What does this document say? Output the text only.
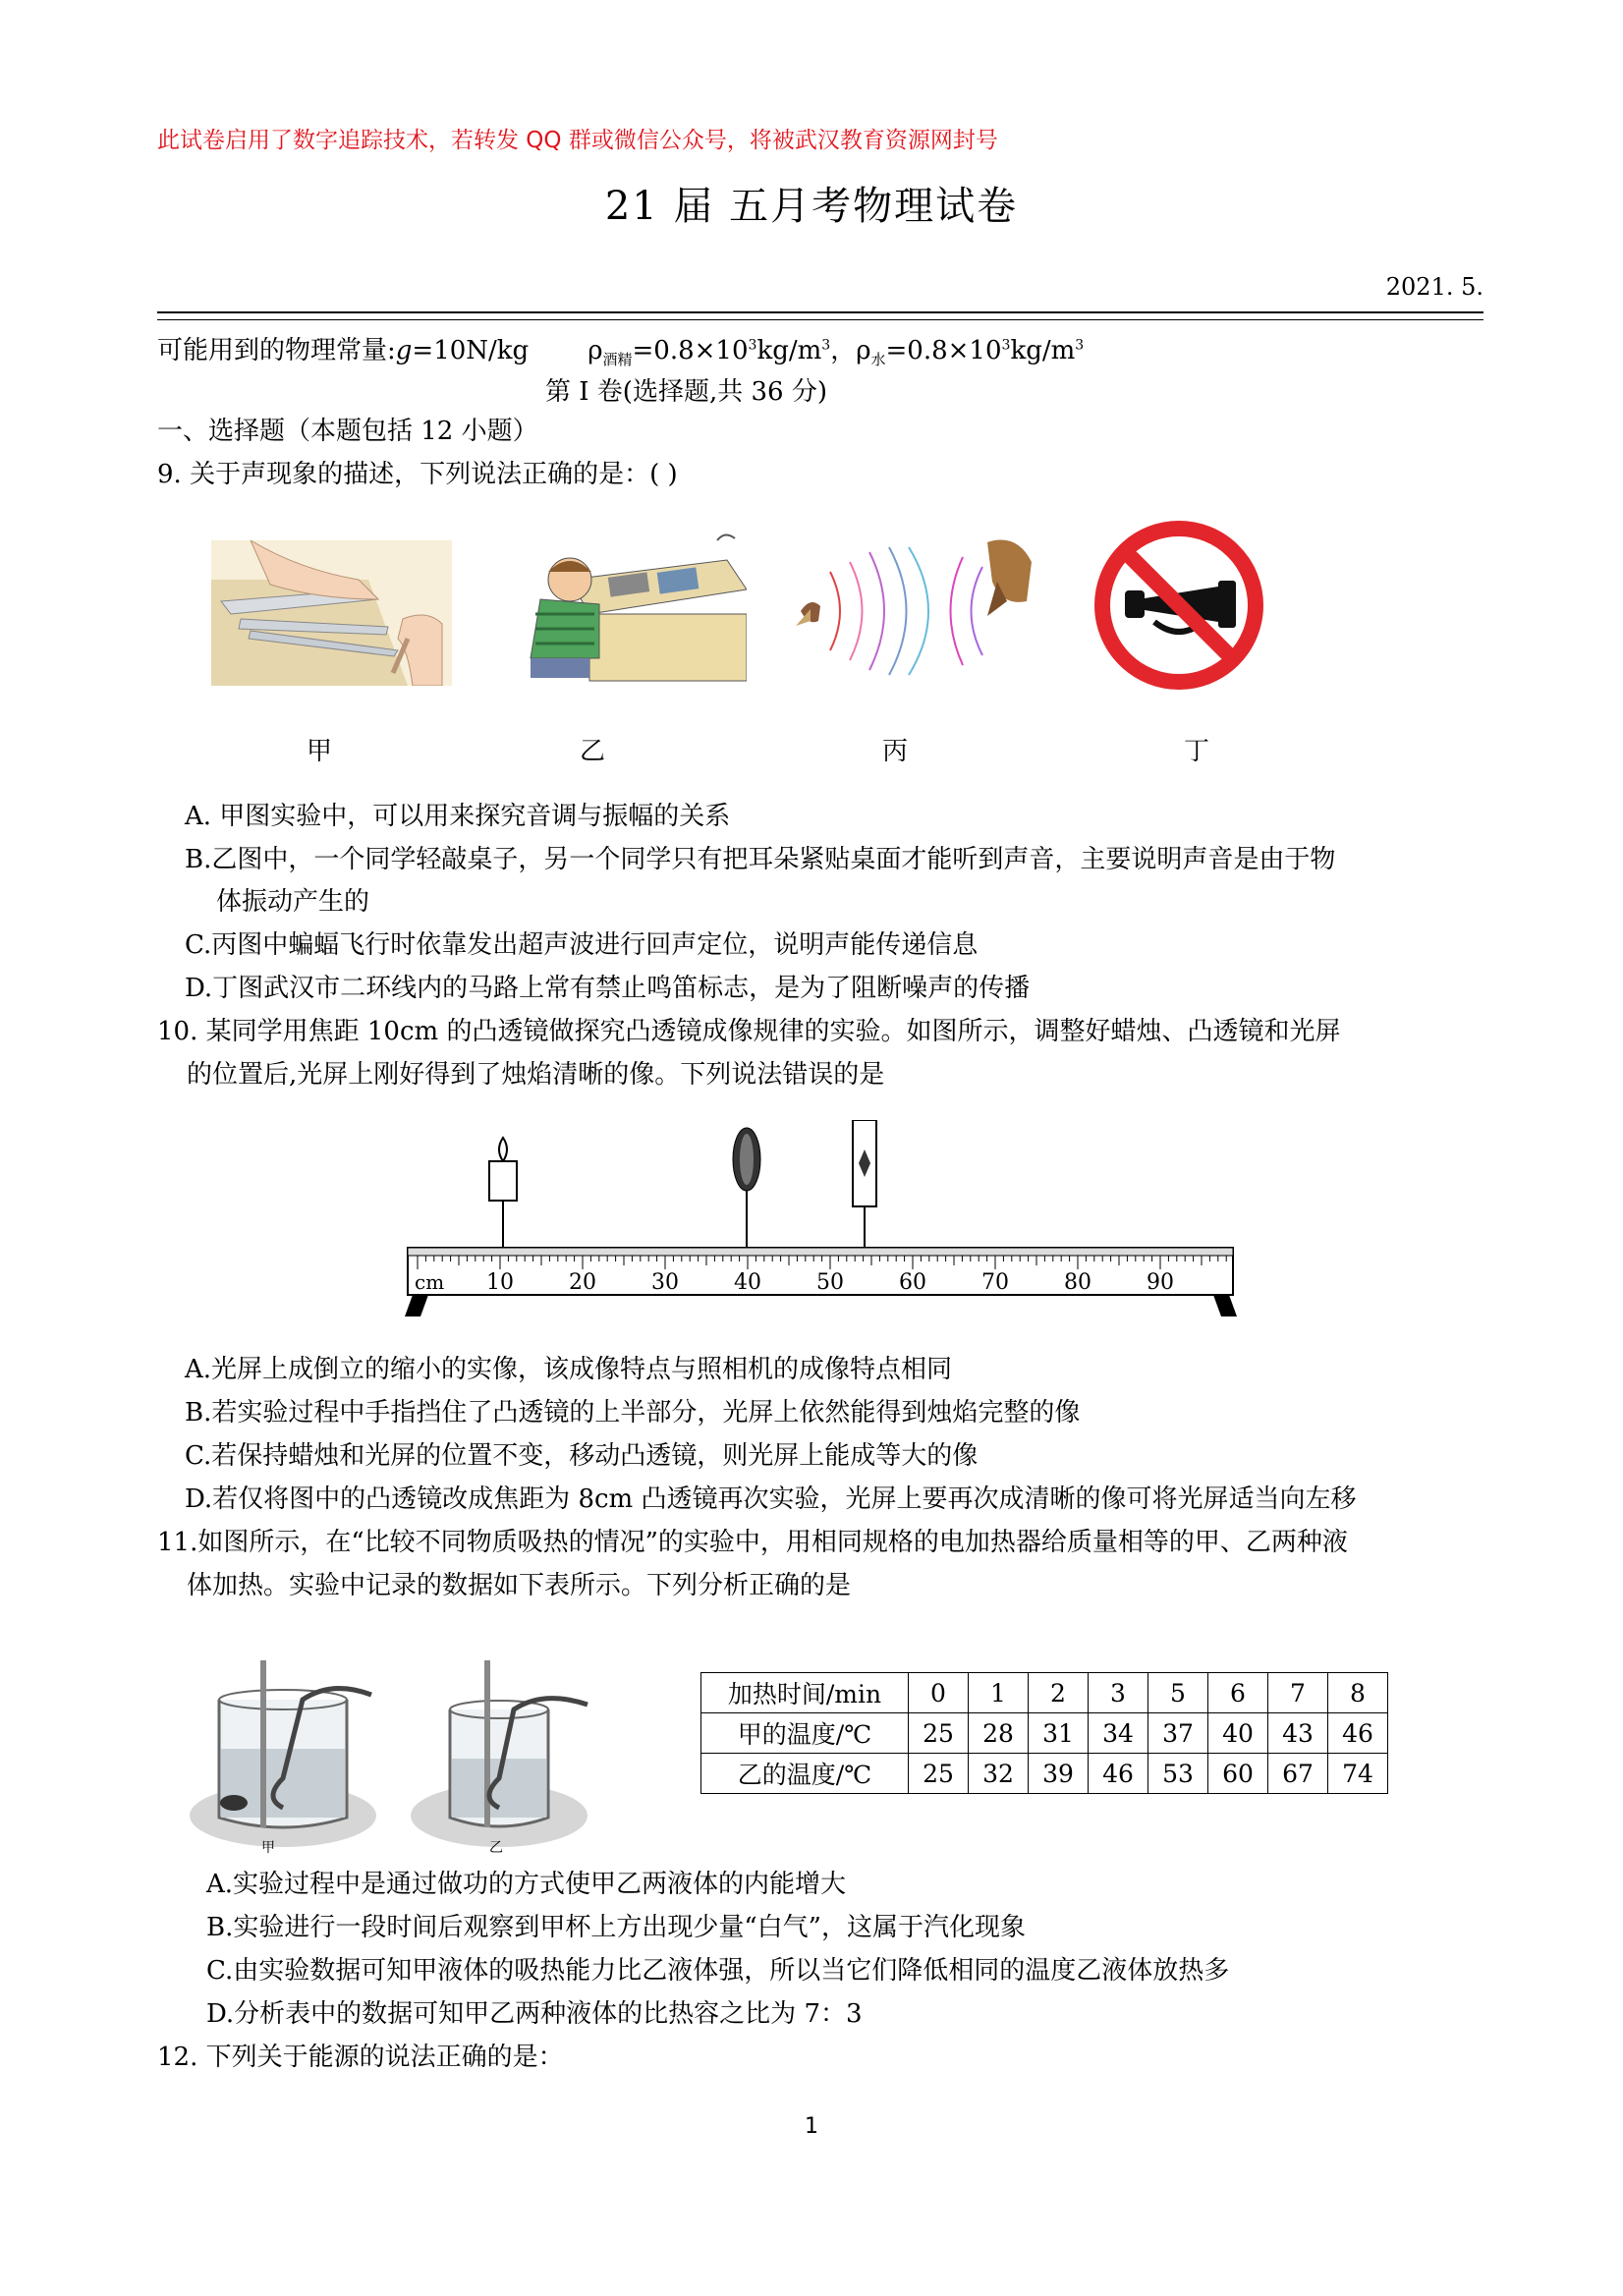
此试卷启用了数字追踪技术，若转发 QQ 群或微信公众号，将被武汉教育资源网封号
21 届 五月考物理试卷
2021. 5.
可能用到的物理常量:g=10N/kg $\rho_{酒精}=0.8\times 10^3kg/m^3$，$\rho_水=0.8\times 10^3kg/m^3$
第 I 卷(选择题,共 36 分)
一、选择题（本题包括 12 小题）
9. 关于声现象的描述，下列说法正确的是：( )
甲	乙	丙	丁
A. 甲图实验中，可以用来探究音调与振幅的关系
B.乙图中，一个同学轻敲桌子，另一个同学只有把耳朵紧贴桌面才能听到声音，主要说明声音是由于物
体振动产生的
C.丙图中蝙蝠飞行时依靠发出超声波进行回声定位，说明声能传递信息
D.丁图武汉市二环线内的马路上常有禁止鸣笛标志，是为了阻断噪声的传播
10. 某同学用焦距 10cm 的凸透镜做探究凸透镜成像规律的实验。如图所示，调整好蜡烛、凸透镜和光屏
的位置后,光屏上刚好得到了烛焰清晰的像。下列说法错误的是
cm 10	20	30	40	50	60	70	80	90
A.光屏上成倒立的缩小的实像，该成像特点与照相机的成像特点相同
B.若实验过程中手指挡住了凸透镜的上半部分，光屏上依然能得到烛焰完整的像
C.若保持蜡烛和光屏的位置不变，移动凸透镜，则光屏上能成等大的像
D.若仅将图中的凸透镜改成焦距为 8cm 凸透镜再次实验，光屏上要再次成清晰的像可将光屏适当向左移
11.如图所示，在“比较不同物质吸热的情况”的实验中，用相同规格的电加热器给质量相等的甲、乙两种液
体加热。实验中记录的数据如下表所示。下列分析正确的是
甲	乙
加热时间/min	0	1	2	3	5	6	7	8
甲的温度/℃	25	28	31	34	37	40	43	46
乙的温度/℃	25	32	39	46	53	60	67	74
A.实验过程中是通过做功的方式使甲乙两液体的内能增大
B.实验进行一段时间后观察到甲杯上方出现少量“白气”，这属于汽化现象
C.由实验数据可知甲液体的吸热能力比乙液体强，所以当它们降低相同的温度乙液体放热多
D.分析表中的数据可知甲乙两种液体的比热容之比为 7：3
12. 下列关于能源的说法正确的是：
1
